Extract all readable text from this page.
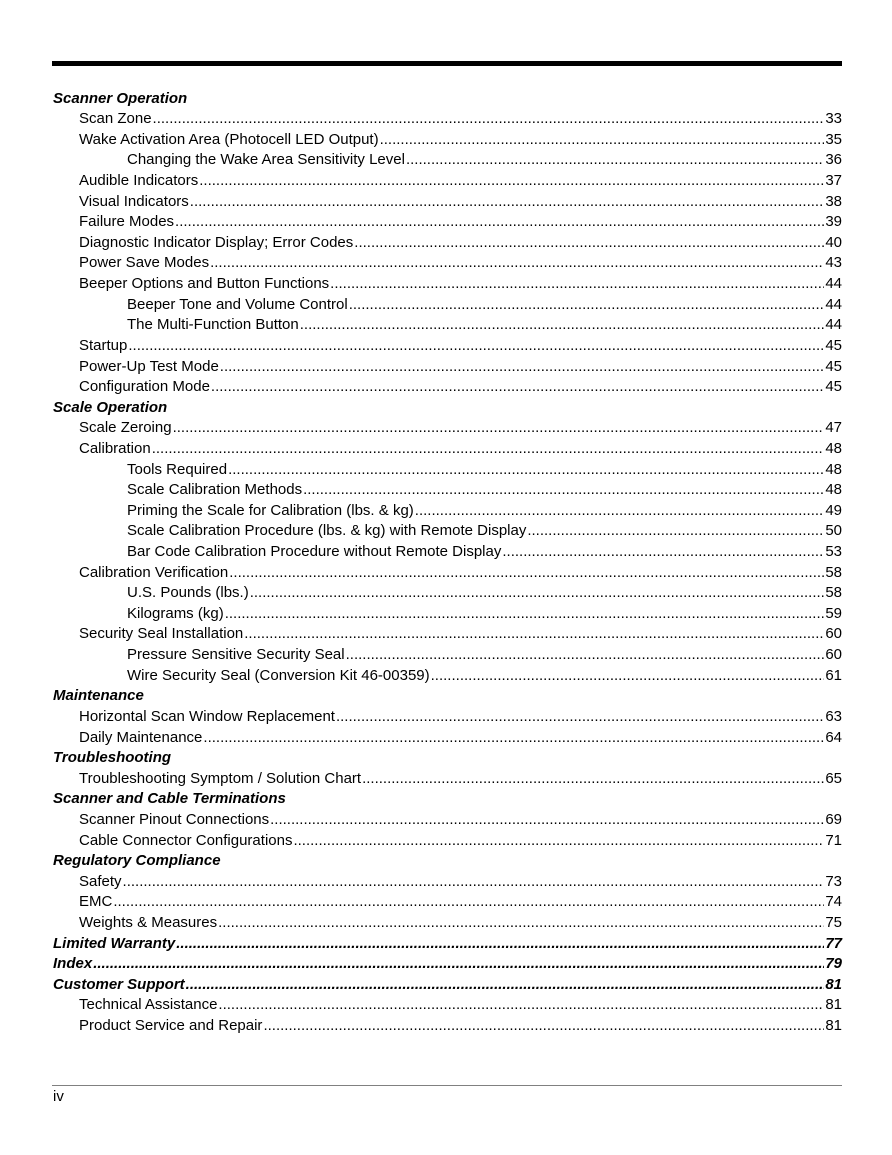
Scanner Operation
Scan Zone .....	33
Wake Activation Area (Photocell LED Output) .....	35
Changing the Wake Area Sensitivity Level .....	36
Audible Indicators .....	37
Visual Indicators .....	38
Failure Modes .....	39
Diagnostic Indicator Display; Error Codes .....	40
Power Save Modes .....	43
Beeper Options and Button Functions .....	44
Beeper Tone and Volume Control .....	44
The Multi-Function Button .....	44
Startup .....	45
Power-Up Test Mode .....	45
Configuration Mode .....	45
Scale Operation
Scale Zeroing .....	47
Calibration .....	48
Tools Required .....	48
Scale Calibration Methods .....	48
Priming the Scale for Calibration (lbs. & kg) .....	49
Scale Calibration Procedure (lbs. & kg) with Remote Display .....	50
Bar Code Calibration Procedure without Remote Display .....	53
Calibration Verification .....	58
U.S. Pounds (lbs.) .....	58
Kilograms (kg) .....	59
Security Seal Installation .....	60
Pressure Sensitive Security Seal .....	60
Wire Security Seal (Conversion Kit 46-00359) .....	61
Maintenance
Horizontal Scan Window Replacement .....	63
Daily Maintenance .....	64
Troubleshooting
Troubleshooting Symptom / Solution Chart .....	65
Scanner and Cable Terminations
Scanner Pinout Connections .....	69
Cable Connector Configurations .....	71
Regulatory Compliance
Safety .....	73
EMC .....	74
Weights & Measures .....	75
Limited Warranty .....	77
Index .....	79
Customer Support .....	81
Technical Assistance .....	81
Product Service and Repair .....	81
iv
